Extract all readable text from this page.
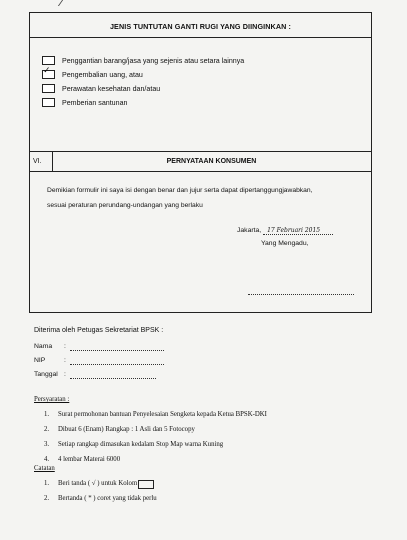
JENIS TUNTUTAN GANTI RUGI YANG DIINGINKAN :
Penggantian barang/jasa yang sejenis atau setara lainnya
✓ Pengembalian uang, atau
Perawatan kesehatan dan/atau
Pemberian santunan
VI.	PERNYATAAN KONSUMEN
Demikian formulir ini saya isi dengan benar dan jujur serta dapat dipertanggungjawabkan,
sesuai peraturan perundang-undangan yang berlaku
Jakarta, 17 Februari 2015
Yang Mengadu,
Diterima oleh Petugas Sekretariat BPSK :
Nama	:
NIP	:
Tanggal :
Persyaratan :
1.	Surat permohonan bantuan Penyelesaian Sengketa kepada Ketua BPSK-DKI
2.	Dibuat 6 (Enam) Rangkap : 1 Asli dan 5 Fotocopy
3.	Setiap rangkap dimasukan kedalam Stop Map warna Kuning
4.	4 lembar Materai 6000
Catatan
1.	Beri tanda ( √ ) untuk Kolom
2.	Bertanda ( * ) coret yang tidak perlu
